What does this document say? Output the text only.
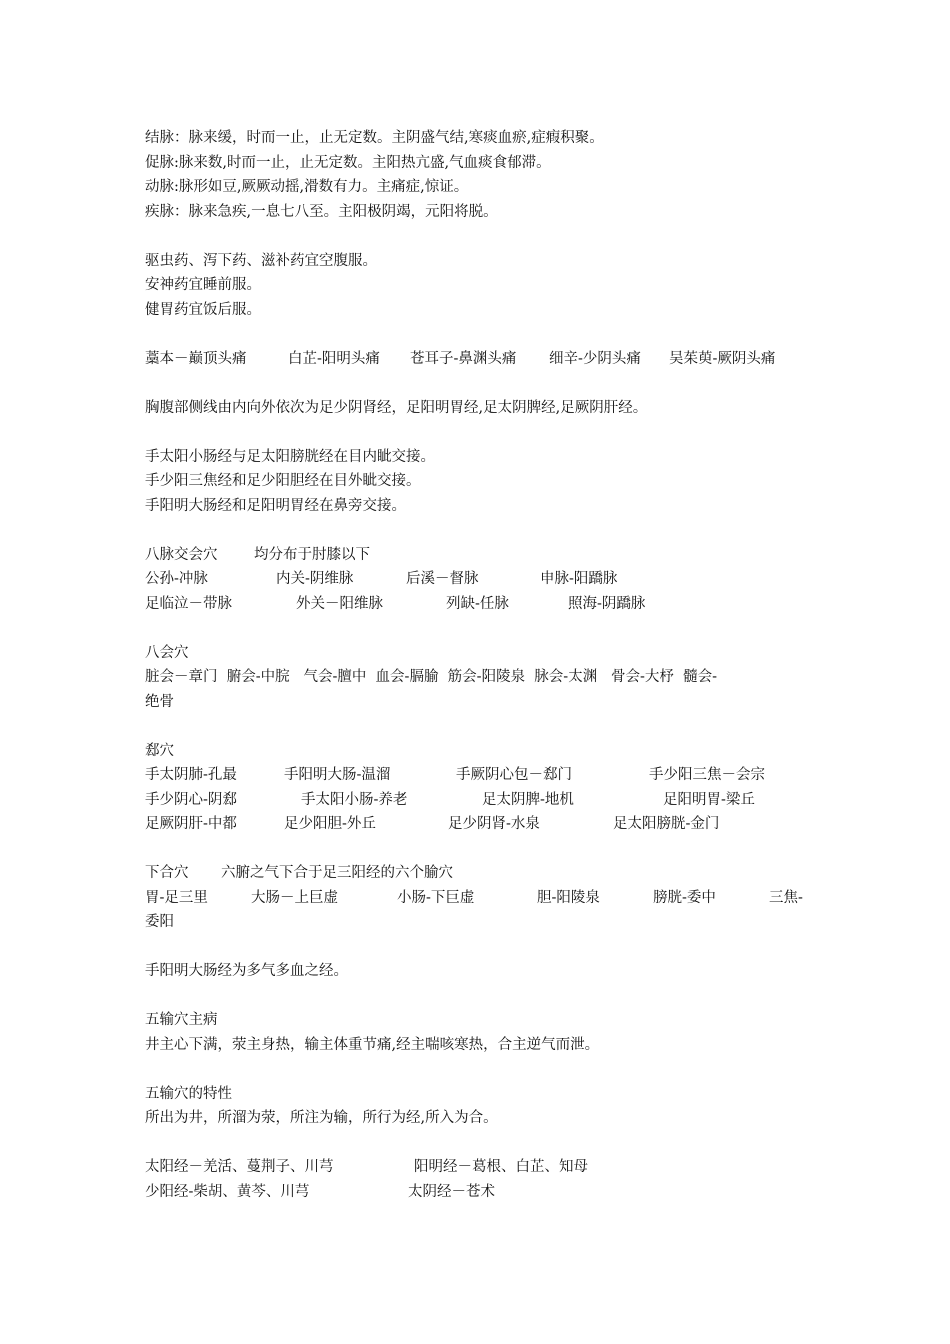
结脉：脉来缓，时而一止，止无定数。主阴盛气结,寒痰血瘀,症瘕积聚。
促脉:脉来数,时而一止，止无定数。主阳热亢盛,气血痰食郁滞。
动脉:脉形如豆,厥厥动摇,滑数有力。主痛症,惊证。
疾脉：脉来急疾,一息七八至。主阳极阴竭，元阳将脱。
驱虫药、泻下药、滋补药宜空腹服。
安神药宜睡前服。
健胃药宜饭后服。
藁本－巅顶头痛	白芷-阳明头痛	苍耳子-鼻渊头痛	细辛-少阴头痛	吴茱萸-厥阴头痛
胸腹部侧线由内向外依次为足少阴肾经，足阳明胃经,足太阴脾经,足厥阴肝经。
手太阳小肠经与足太阳膀胱经在目内眦交接。
手少阳三焦经和足少阳胆经在目外眦交接。
手阳明大肠经和足阳明胃经在鼻旁交接。
八脉交会穴	均分布于肘膝以下
公孙-冲脉	内关-阴维脉	后溪－督脉	申脉-阳蹻脉
足临泣－带脉	外关－阳维脉	列缺-任脉	照海-阴蹻脉
八会穴
脏会－章门  腑会-中脘   气会-膻中  血会-膈腧  筋会-阳陵泉  脉会-太渊   骨会-大杼  髓会-
绝骨
郄穴
手太阴肺-孔最	手阳明大肠-温溜	手厥阴心包－郄门	手少阳三焦－会宗
手少阴心-阴郄	手太阳小肠-养老	足太阴脾-地机	足阳明胃-梁丘
足厥阴肝-中都	足少阳胆-外丘	足少阴肾-水泉	足太阳膀胱-金门
下合穴	六腑之气下合于足三阳经的六个腧穴
胃-足三里	大肠－上巨虚	小肠-下巨虚	胆-阳陵泉	膀胱-委中	三焦-
委阳
手阳明大肠经为多气多血之经。
五输穴主病
井主心下满，荥主身热，输主体重节痛,经主喘咳寒热，合主逆气而泄。
五输穴的特性
所出为井，所溜为荥，所注为输，所行为经,所入为合。
太阳经－羌活、蔓荆子、川芎	阳明经－葛根、白芷、知母
少阳经-柴胡、黄芩、川芎	太阴经－苍术
